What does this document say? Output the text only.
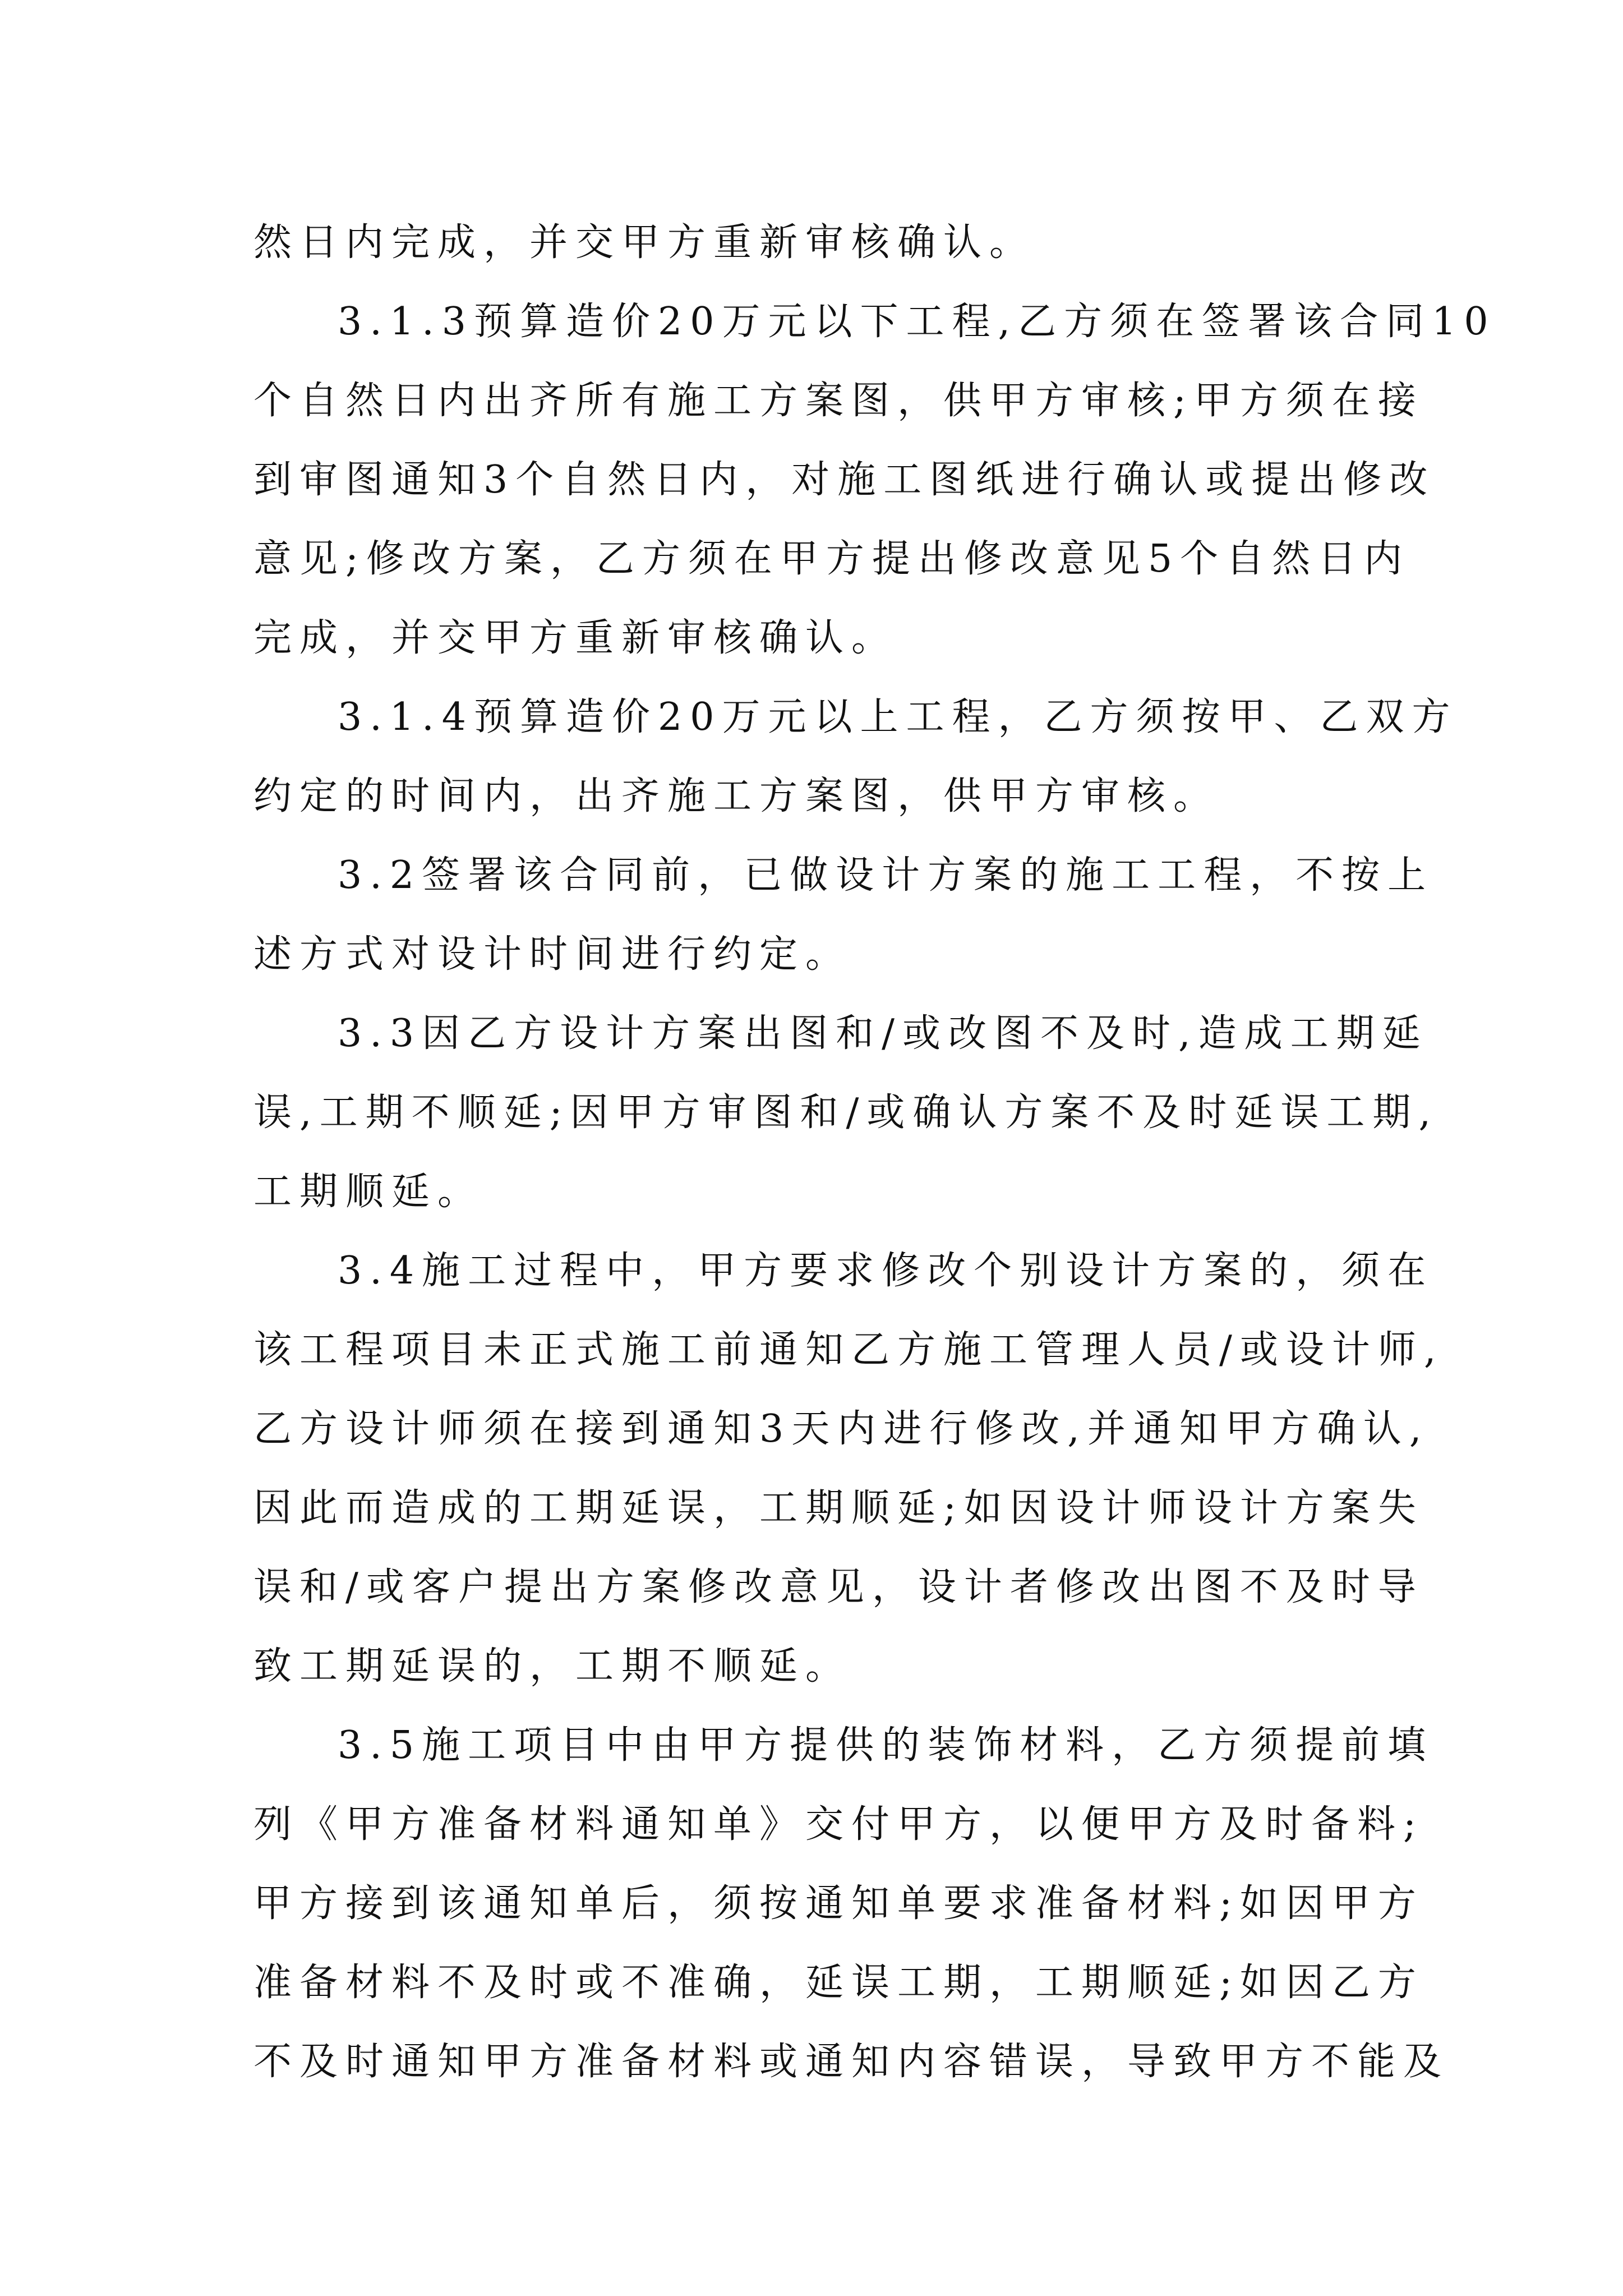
然日内完成，并交甲方重新审核确认。
3.1.3预算造价20万元以下工程,乙方须在签署该合同10
个自然日内出齐所有施工方案图，供甲方审核;甲方须在接
到审图通知3个自然日内，对施工图纸进行确认或提出修改
意见;修改方案，乙方须在甲方提出修改意见5个自然日内
完成，并交甲方重新审核确认。
3.1.4预算造价20万元以上工程，乙方须按甲、乙双方
约定的时间内，出齐施工方案图，供甲方审核。
3.2签署该合同前，已做设计方案的施工工程，不按上
述方式对设计时间进行约定。
3.3因乙方设计方案出图和/或改图不及时,造成工期延
误,工期不顺延;因甲方审图和/或确认方案不及时延误工期,
工期顺延。
3.4施工过程中，甲方要求修改个别设计方案的，须在
该工程项目未正式施工前通知乙方施工管理人员/或设计师,
乙方设计师须在接到通知3天内进行修改,并通知甲方确认,
因此而造成的工期延误，工期顺延;如因设计师设计方案失
误和/或客户提出方案修改意见，设计者修改出图不及时导
致工期延误的，工期不顺延。
3.5施工项目中由甲方提供的装饰材料，乙方须提前填
列《甲方准备材料通知单》交付甲方，以便甲方及时备料;
甲方接到该通知单后，须按通知单要求准备材料;如因甲方
准备材料不及时或不准确，延误工期，工期顺延;如因乙方
不及时通知甲方准备材料或通知内容错误，导致甲方不能及
